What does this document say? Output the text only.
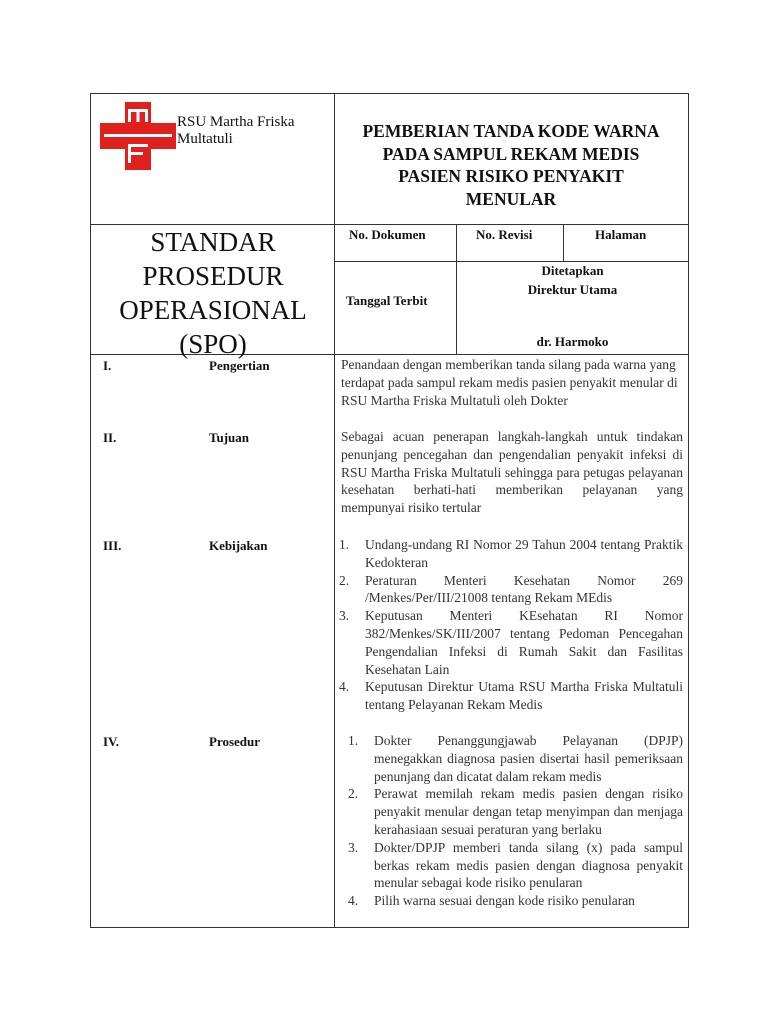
RSU Martha Friska
Multatuli	PEMBERIAN TANDA KODE WARNA
PADA SAMPUL REKAM MEDIS
PASIEN RISIKO PENYAKIT
MENULAR
STANDAR
PROSEDUR
OPERASIONAL
(SPO)
No. Dokumen	No. Revisi	Halaman
Tanggal Terbit
Ditetapkan
Direktur Utama
dr. Harmoko
I.	Pengertian	Penandaan dengan memberikan tanda silang pada warna yang terdapat pada sampul rekam medis pasien penyakit menular di RSU Martha Friska Multatuli oleh Dokter
II.	Tujuan	Sebagai acuan penerapan langkah-langkah untuk tindakan penunjang pencegahan dan pengendalian penyakit infeksi di RSU Martha Friska Multatuli sehingga para petugas pelayanan kesehatan berhati-hati memberikan pelayanan yang mempunyai risiko tertular
III.	Kebijakan	1. Undang-undang RI Nomor 29 Tahun 2004 tentang Praktik Kedokteran
2. Peraturan Menteri Kesehatan Nomor 269 /Menkes/Per/III/21008 tentang Rekam MEdis
3. Keputusan Menteri KEsehatan RI Nomor 382/Menkes/SK/III/2007 tentang Pedoman Pencegahan Pengendalian Infeksi di Rumah Sakit dan Fasilitas Kesehatan Lain
4. Keputusan Direktur Utama RSU Martha Friska Multatuli tentang Pelayanan Rekam Medis
IV.	Prosedur	1. Dokter Penanggungjawab Pelayanan (DPJP) menegakkan diagnosa pasien disertai hasil pemeriksaan penunjang dan dicatat dalam rekam medis
2. Perawat memilah rekam medis pasien dengan risiko penyakit menular dengan tetap menyimpan dan menjaga kerahasiaan sesuai peraturan yang berlaku
3. Dokter/DPJP memberi tanda silang (x) pada sampul berkas rekam medis pasien dengan diagnosa penyakit menular sebagai kode risiko penularan
4. Pilih warna sesuai dengan kode risiko penularan
